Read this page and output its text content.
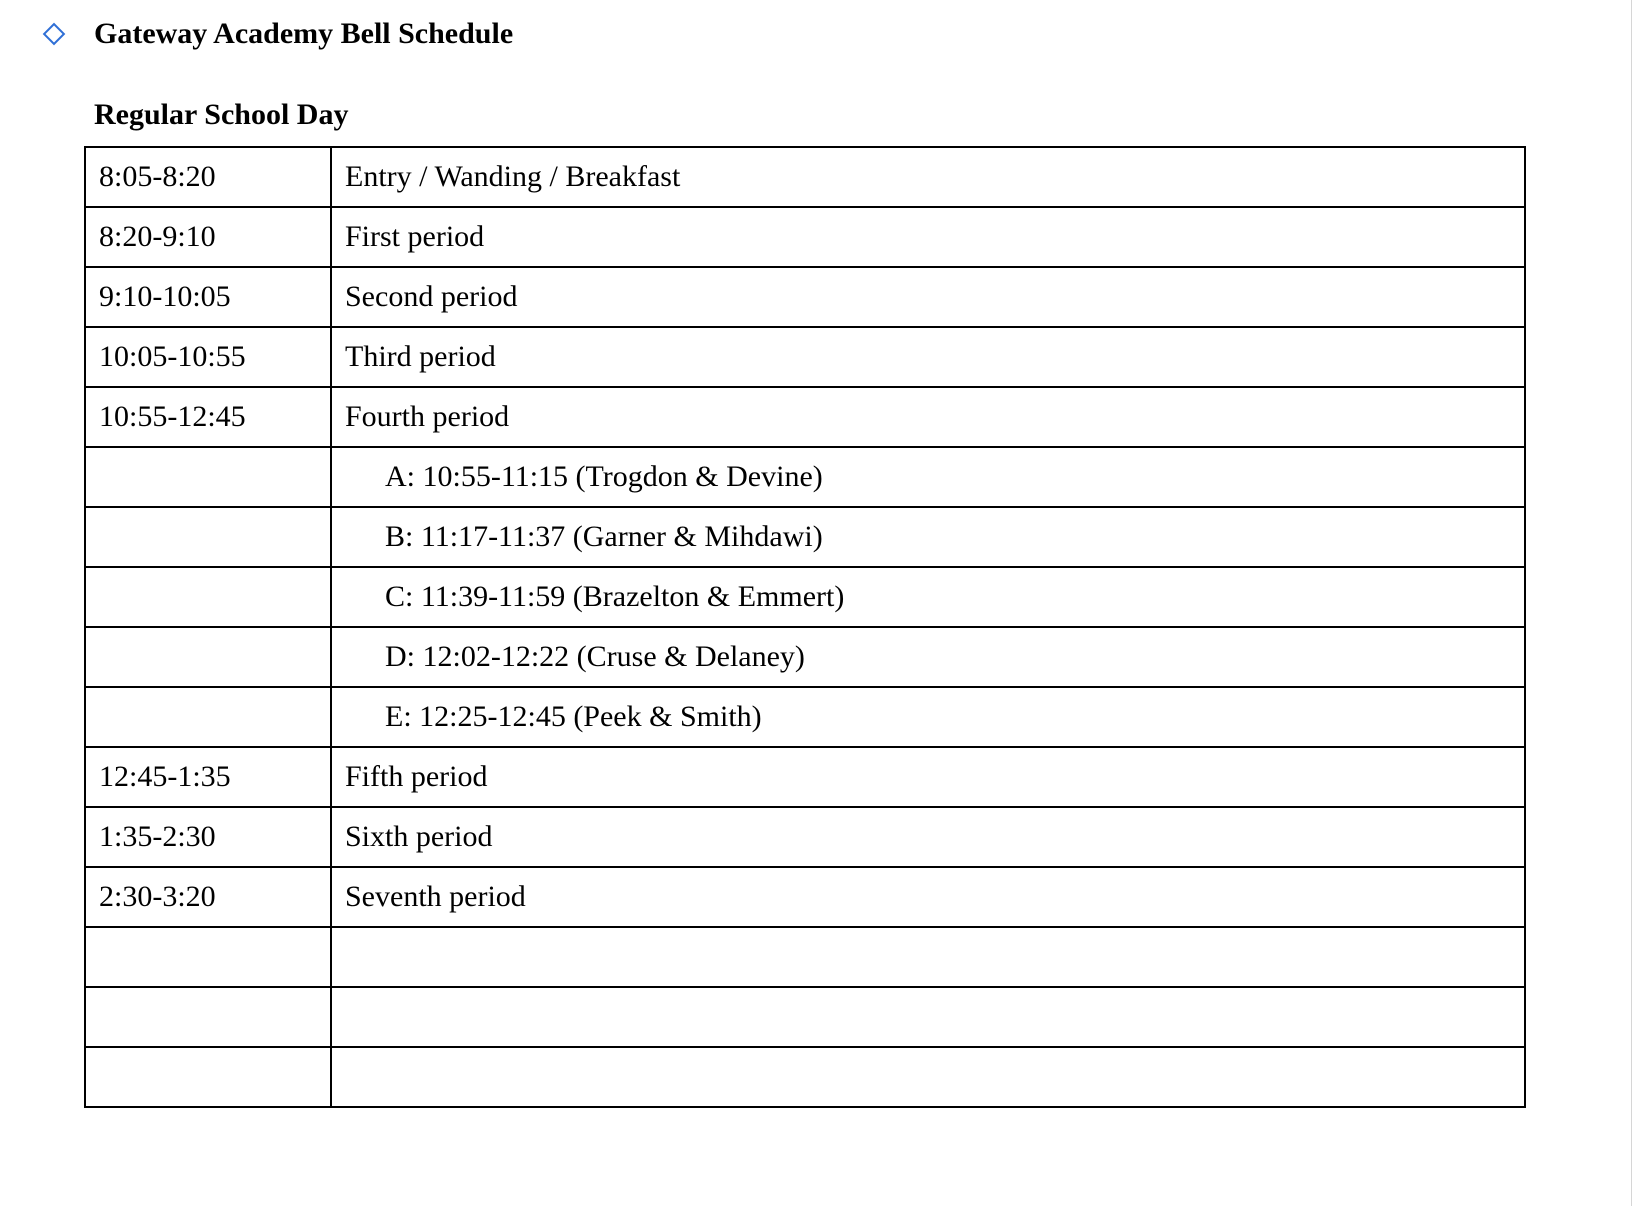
Gateway Academy Bell Schedule
Regular School Day
8:05-8:20	Entry / Wanding / Breakfast
8:20-9:10	First period
9:10-10:05	Second period
10:05-10:55	Third period
10:55-12:45	Fourth period
	A: 10:55-11:15 (Trogdon & Devine)
	B: 11:17-11:37 (Garner & Mihdawi)
	C: 11:39-11:59 (Brazelton & Emmert)
	D: 12:02-12:22 (Cruse & Delaney)
	E: 12:25-12:45 (Peek & Smith)
12:45-1:35	Fifth period
1:35-2:30	Sixth period
2:30-3:20	Seventh period
